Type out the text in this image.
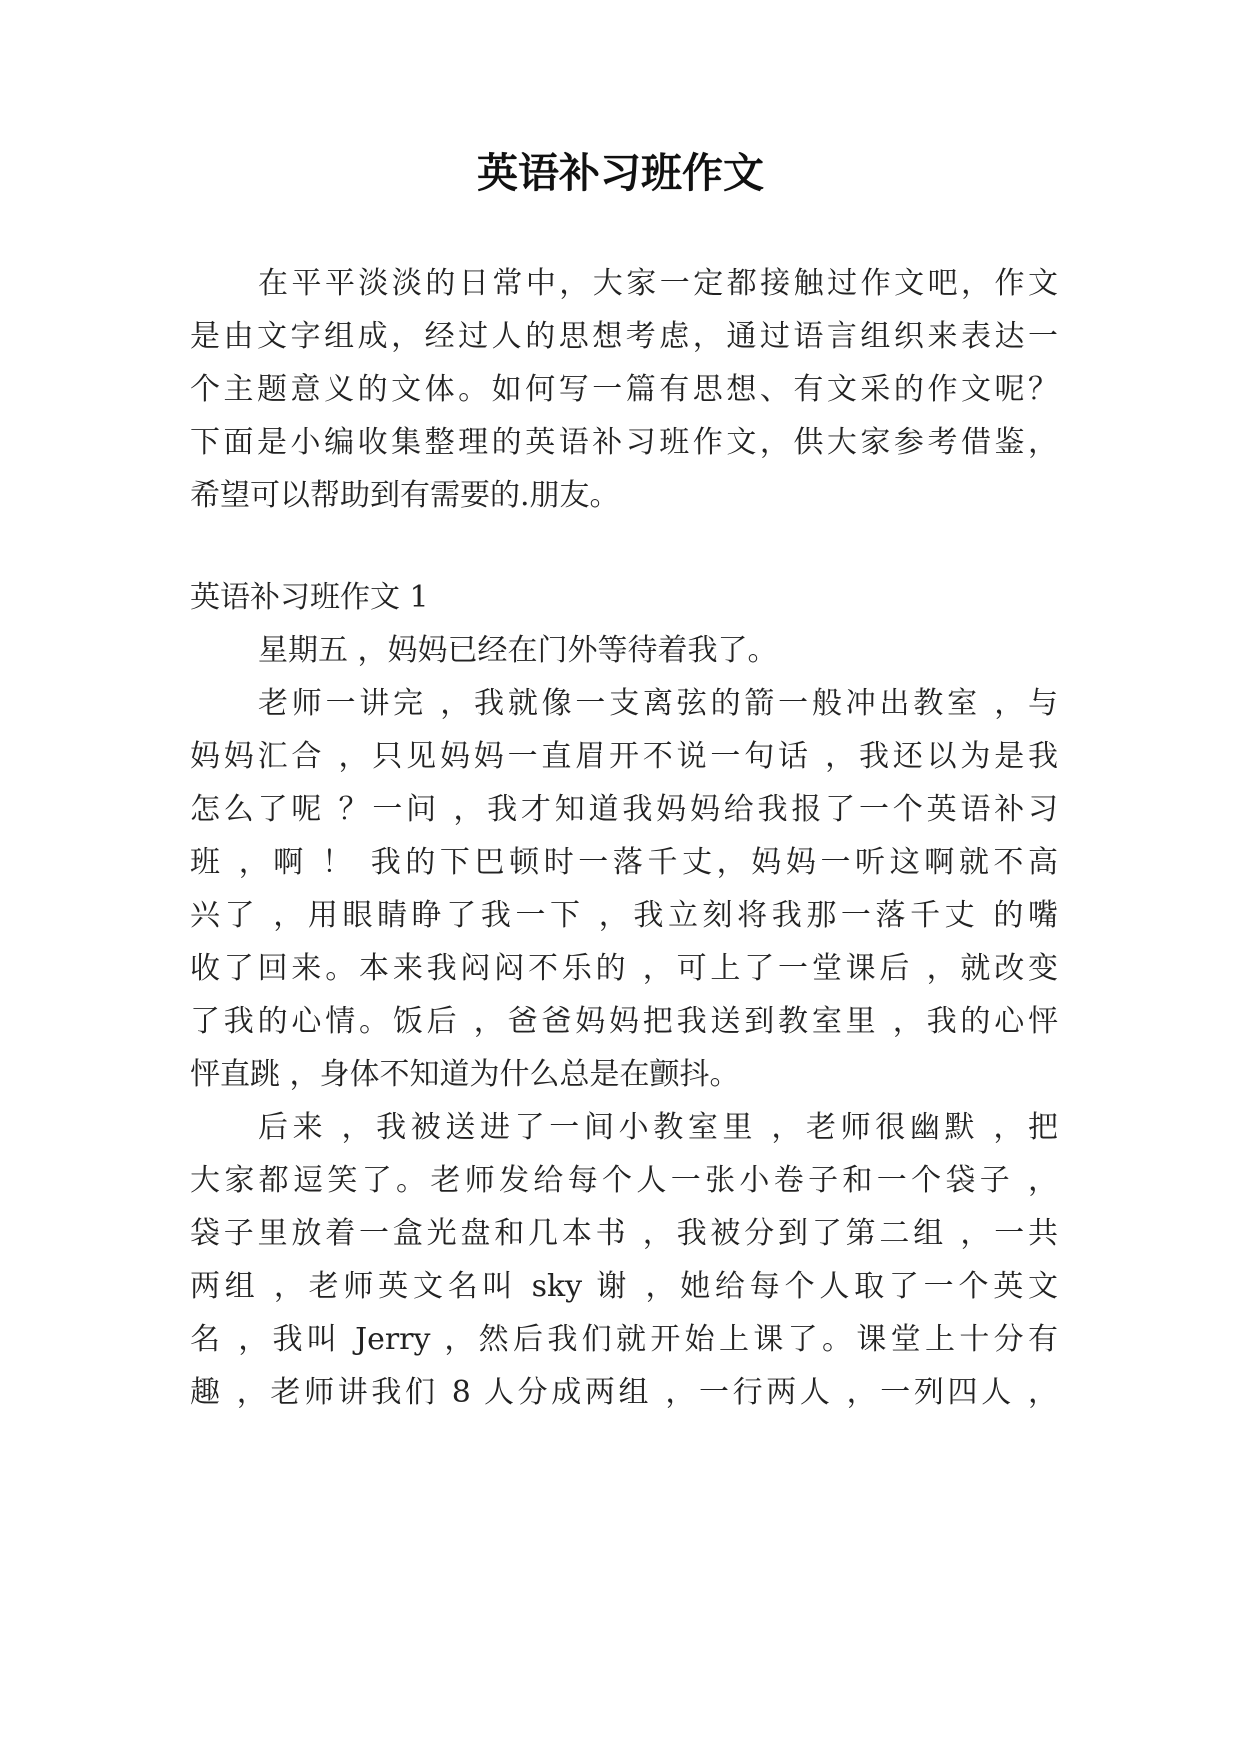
英语补习班作文
在平平淡淡的日常中，大家一定都接触过作文吧，作文
是由文字组成，经过人的思想考虑，通过语言组织来表达一
个主题意义的文体。如何写一篇有思想、有文采的作文呢？
下面是小编收集整理的英语补习班作文，供大家参考借鉴，
希望可以帮助到有需要的.朋友。
英语补习班作文 1
星期五 ，妈妈已经在门外等待着我了。
老师一讲完 ，我就像一支离弦的箭一般冲出教室 ，与
妈妈汇合 ，只见妈妈一直眉开不说一句话 ，我还以为是我
怎么了呢 ？一问 ，我才知道我妈妈给我报了一个英语补习
班 ，啊 ！ 我的下巴顿时一落千丈，妈妈一听这啊就不高
兴了 ，用眼睛睁了我一下 ，我立刻将我那一落千丈 的嘴
收了回来。本来我闷闷不乐的 ，可上了一堂课后 ，就改变
了我的心情。饭后 ，爸爸妈妈把我送到教室里 ，我的心怦
怦直跳 ，身体不知道为什么总是在颤抖。
后来 ，我被送进了一间小教室里 ，老师很幽默 ，把
大家都逗笑了。老师发给每个人一张小卷子和一个袋子 ，
袋子里放着一盒光盘和几本书 ，我被分到了第二组 ，一共
两组 ，老师英文名叫 sky 谢 ，她给每个人取了一个英文
名 ，我叫 Jerry ，然后我们就开始上课了。课堂上十分有
趣 ，老师讲我们 8 人分成两组 ，一行两人 ，一列四人 ，
